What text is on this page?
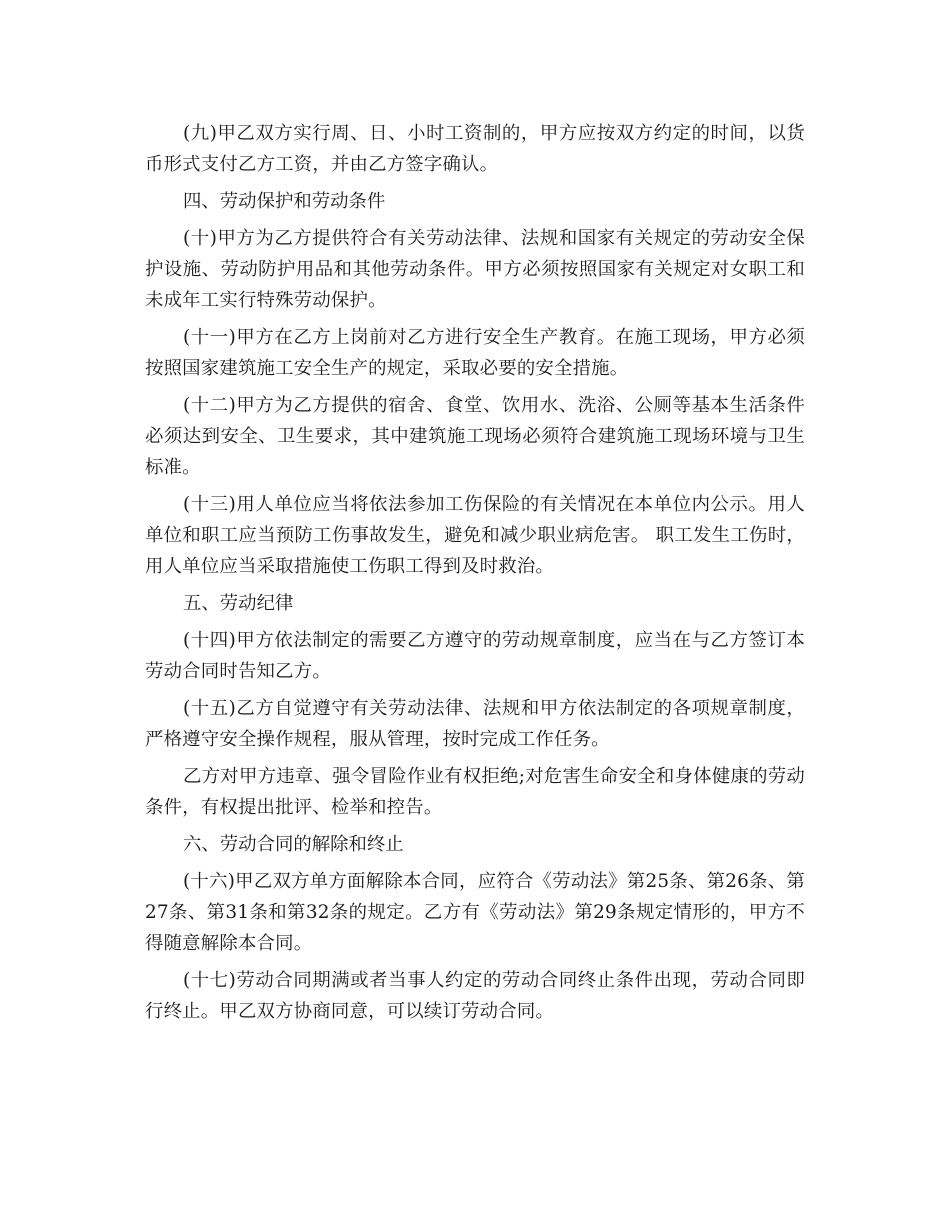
(九)甲乙双方实行周、日、小时工资制的，甲方应按双方约定的时间，以货币形式支付乙方工资，并由乙方签字确认。

四、劳动保护和劳动条件

(十)甲方为乙方提供符合有关劳动法律、法规和国家有关规定的劳动安全保护设施、劳动防护用品和其他劳动条件。甲方必须按照国家有关规定对女职工和未成年工实行特殊劳动保护。

(十一)甲方在乙方上岗前对乙方进行安全生产教育。在施工现场，甲方必须按照国家建筑施工安全生产的规定，采取必要的安全措施。

(十二)甲方为乙方提供的宿舍、食堂、饮用水、洗浴、公厕等基本生活条件必须达到安全、卫生要求，其中建筑施工现场必须符合建筑施工现场环境与卫生标准。

(十三)用人单位应当将依法参加工伤保险的有关情况在本单位内公示。用人单位和职工应当预防工伤事故发生，避免和减少职业病危害。 职工发生工伤时，用人单位应当采取措施使工伤职工得到及时救治。

五、劳动纪律

(十四)甲方依法制定的需要乙方遵守的劳动规章制度，应当在与乙方签订本劳动合同时告知乙方。

(十五)乙方自觉遵守有关劳动法律、法规和甲方依法制定的各项规章制度，严格遵守安全操作规程，服从管理，按时完成工作任务。

乙方对甲方违章、强令冒险作业有权拒绝;对危害生命安全和身体健康的劳动条件，有权提出批评、检举和控告。

六、劳动合同的解除和终止

(十六)甲乙双方单方面解除本合同，应符合《劳动法》第25条、第26条、第27条、第31条和第32条的规定。乙方有《劳动法》第29条规定情形的，甲方不得随意解除本合同。

(十七)劳动合同期满或者当事人约定的劳动合同终止条件出现，劳动合同即行终止。甲乙双方协商同意，可以续订劳动合同。
